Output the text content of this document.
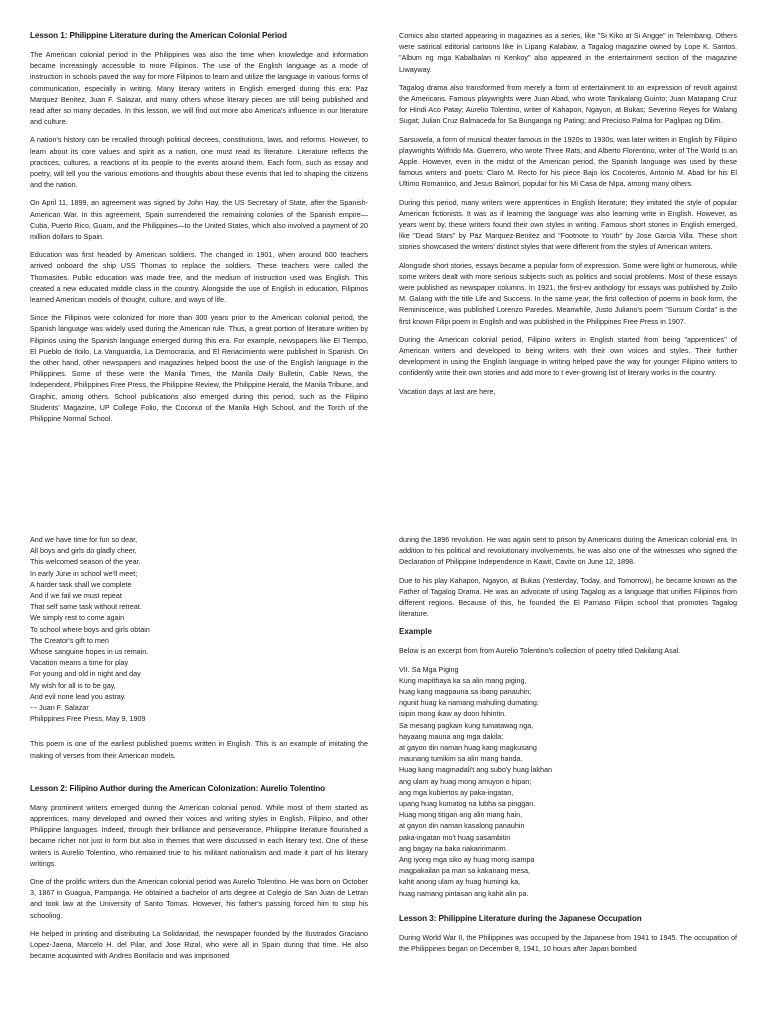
Lesson 1: Philippine Literature during the American Colonial Period

The American colonial period in the Philippines was also the time when knowledge and information became increasingly accessible to more Filipinos. The use of the English language as a mode of instruction in schools paved the way for more Filipinos to learn and utilize the language in various forms of communication, especially in writing. Many literary writers in English emerged during this era: Paz Marquez Benitez, Juan F. Salazar, and many others whose literary pieces are still being published and read after so many decades. In this lesson, we will find out more abo America's influence in our literature and culture.

A nation's history can be recalled through political decrees, constitutions, laws, and reforms. However, to learn about its core values and spirit as a nation, one must read its literature. Literature reflects the practices, cultures, a reactions of its people to the events around them. Each form, such as essay and poetry, will tell you the various emotions and thoughts about these events that led to shaping the citizens and the nation.

On April 11, 1899, an agreement was signed by John Hay, the US Secretary of State, after the Spanish-American War. In this agreement, Spain surrendered the remaining colonies of the Spanish empire—Cuba, Puerto Rico, Guam, and the Philippines—to the United States, which also involved a payment of 20 million dollars to Spain.

Education was first headed by American soldiers. The changed in 1901, when around 600 teachers arrived onboard the ship USS Thomas to replace the soldiers. These teachers were called the Thomasites. Public education was made free, and the medium of instruction used was English. This created a new educated middle class in the country. Alongside the use of English in education, Filipinos learned American models of thought, culture, and ways of life.

Since the Filipinos were colonized for more than 300 years prior to the American colonial period, the Spanish language was widely used during the American rule. Thus, a great portion of literature written by Filipinos using the Spanish language emerged during this era. For example, newspapers like El Tiempo, El Pueblo de Iloilo, La Vanguardia, La Democracia, and El Renacimiento were published in Spanish. On the other hand, other newspapers and magazines helped boost the use of the English language in the Philippines. Some of these were the Manila Times, the Manila Daily Bulletin, Cable News, the Independent, Philippines Free Press, the Philippine Review, the Philippine Herald, the Manila Tribune, and Graphic, among others. School publications also emerged during this period, such as the Filipino Students' Magazine, UP College Folio, the Coconut of the Manila High School, and the Torch of the Philippine Normal School.

Comics also started appearing in magazines as a series, like "Si Kiko at Si Angge" in Telembang. Others were satirical editorial cartoons like in Lipang Kalabaw, a Tagalog magazine owned by Lope K. Santos. "Album ng mga Kabalbalan ni Kenkoy" also appeared in the entertainment section of the magazine Liwayway.

Tagalog drama also transformed from merely a form of entertainment to an expression of revolt against the Americans. Famous playwrights were Juan Abad, who wrote Tanikalang Guinto; Juan Matapang Cruz for Hindi Aco Patay; Aurelio Tolentino, writer of Kahapon, Ngayon, at Bukas; Severino Reyes for Walang Sugat; Julian Cruz Balmaceda for Sa Bunganga ng Pating; and Precioso Palma for Paglipas ng Dilim.

Sarsuwela, a form of musical theater famous in the 1920s to 1930s, was later written in English by Filipino playwrights Wilfrido Ma. Guerrero, who wrote Three Rats, and Alberto Florentino, writer of The World Is an Apple. However, even in the midst of the American period, the Spanish language was used by these famous writers and poets: Claro M. Recto for his piece Bajo los Cocoteros, Antonio M. Abad for his El Ultimo Romantico, and Jesus Balmori, popular for his Mi Casa de Nipa, among many others.

During this period, many writers were apprentices in English literature; they imitated the style of popular American fictionists. It was as if learning the language was also learning write in English. However, as years went by, these writers found their own styles in writing. Famous short stories in English emerged, like "Dead Stars" by Paz Marquez-Benitez and "Footnote to Youth" by Jose Garcia Villa. These short stories showcased the writers' distinct styles that were different from the styles of American writers.

Alongside short stories, essays became a popular form of expression. Some were light or humorous, while some writers dealt with more serious subjects such as politics and social problems. Most of these essays were published as newspaper columns. In 1921, the first-ev anthology for essays was published by Zoilo M. Galang with the title Life and Success. In the same year, the first collection of poems in book form, the Reminiscence, was published Lorenzo Paredes. Meanwhile, Justo Juliano's poem "Sursum Corda" is the first known Filipi poem in English and was published in the Philippines Free Press in 1907.

During the American colonial period, Filipino writers in English started from being "apprentices" of American writers and developed to being writers with their own voices and styles. Their further development in using the English language in writing helped pave the way for younger Filipino writers to confidently write their own stories and add more to t ever-growing list of literary works in the country.

Vacation days at last are here,

And we have time for fun so dear,
All boys and girls do gladly cheer,
This welcomed season of the year.
In early June in school we'll meet;
A harder task shall we complete
And if we fail we must repeat
That self same task without retreat.
We simply rest to come again
To school where boys and girls obtain
The Creator's gift to men
Whose sanguine hopes in us remain.
Vacation means a time for play
For young and old in night and day
My wish for all is to be gay,
And evil none lead you astray.
--- Juan F. Salazar
Philippines Free Press, May 9, 1909

This poem is one of the earliest published poems written in English. This is an example of imitating the making of verses from their American models.

Lesson 2: Filipino Author during the American Colonization: Aurelio Tolentino

Many prominent writers emerged during the American colonial period. While most of them started as apprentices, many developed and owned their voices and writing styles in English, Filipino, and other Philippine languages. Indeed, through their brilliance and perseverance, Philippine literature flourished a became richer not just in form but also in themes that were discussed in each literary text. One of these writers is Aurelio Tolentino, who remained true to his militant nationalism and made it part of his literary writings.

One of the prolific writers duri the American colonial period was Aurelio Tolentino. He was born on October 3, 1867 in Guagua, Pampanga. He obtained a bachelor of arts degree at Colegio de San Juan de Letran and took law at the University of Santo Tomas. However, his father's passing forced him to stop his schooling.

He helped in printing and distributing La Solidaridad, the newspaper founded by the Ilustrados Graciano Lopez-Jaena, Marcelo H. del Pilar, and Jose Rizal, who were all in Spain during that time. He also became acquainted with Andres Bonifacio and was imprisoned

during the 1896 revolution. He was again sent to prison by Americans during the American colonial era. In addition to his political and revolutionary involvements, he was also one of the witnesses who signed the Declaration of Philippine Independence in Kawit, Cavite on June 12, 1898.

Due to his play Kahapon, Ngayon, at Bukas (Yesterday, Today, and Tomorrow), he became known as the Father of Tagalog Drama. He was an advocate of using Tagalog as a language that unifies Filipinos from different regions. Because of this, he founded the El Parnaso Filipin school that promotes Tagalog literature.

Example

Below is an excerpt from from Aurelio Tolentino's collection of poetry titled Dakilang Asal.

VII. Sa Mga Piging
Kung mapithaya ka sa alin mang piging,
huag kang magpauna sa ibang panauhin;
ngunit huag ka namang mahuling dumating:
isipin mong ikaw ay doon hihintin.
Sa mesang pagkain kung tumatawag nga,
hayaang mauna ang mga dakila;
at gayon din naman huag kang magkusang
maunang tumikim sa alin mang handa.
Huag kang magmadali't ang subo'y huag lakhan
ang ulam ay huag mong amuyon o hipan;
ang mga kubiertos ay paka-ingatan,
upang huag kumatog na lubha sa pinggan.
Huag mong titigan ang alin mang hain,
at gayon din naman kasalong panauhin
paka-ingatan mo't huag sasambitin
ang bagay na baka nakaririmarim.
Ang iyong mga siko ay huag mong isampa
magpakailan pa man sa kakanang mesa,
kahit anong ulam ay huag humingi ka,
huag namang pintasan ang kahit alin pa.
Lesson 3: Philippine Literature during the Japanese Occupation

During World War II, the Philippines was occupied by the Japanese from 1941 to 1945. The occupation of the Philippines began on December 8, 1941, 10 hours after Japan bombed
